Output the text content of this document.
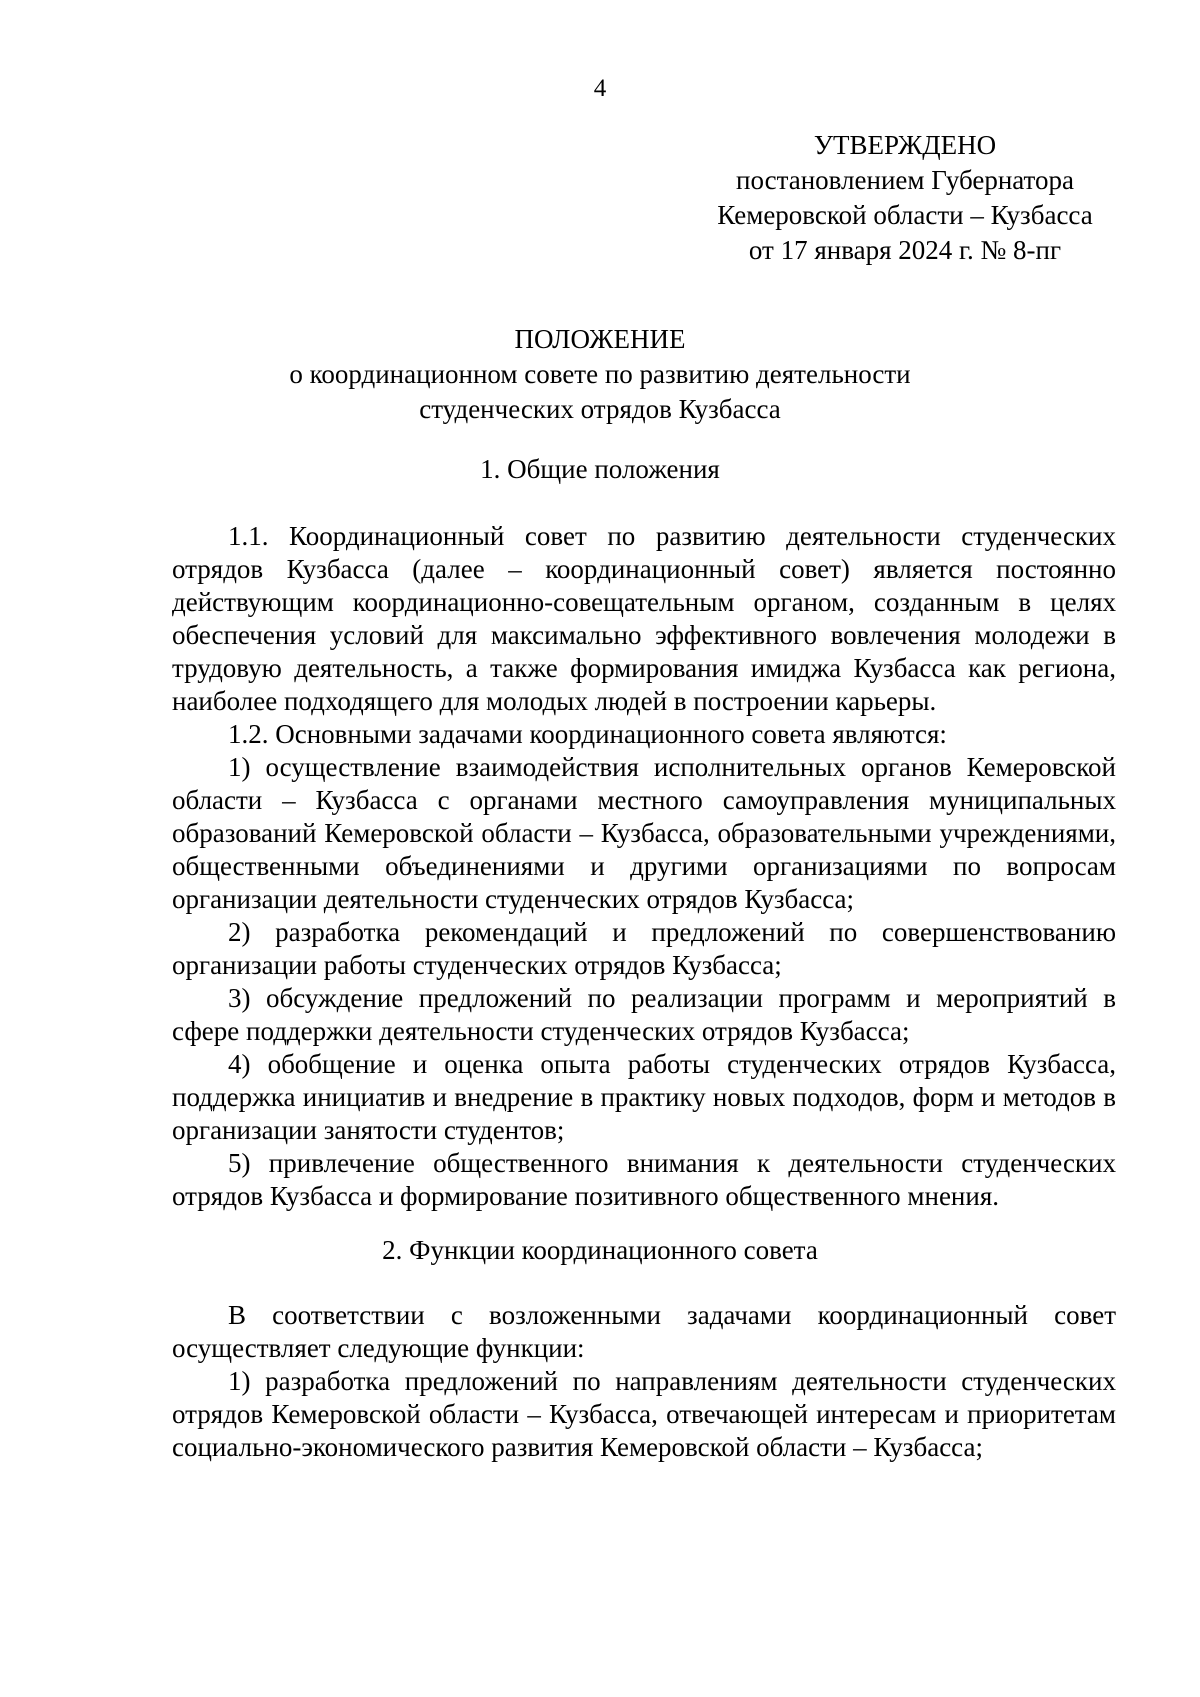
4
УТВЕРЖДЕНО
постановлением Губернатора
Кемеровской области – Кузбасса
от 17 января 2024 г. № 8-пг
ПОЛОЖЕНИЕ
о координационном совете по развитию деятельности
студенческих отрядов Кузбасса
1. Общие положения

1.1. Координационный совет по развитию деятельности студенческих отрядов Кузбасса (далее – координационный совет) является постоянно действующим координационно-совещательным органом, созданным в целях обеспечения условий для максимально эффективного вовлечения молодежи в трудовую деятельность, а также формирования имиджа Кузбасса как региона, наиболее подходящего для молодых людей в построении карьеры.

1.2. Основными задачами координационного совета являются:

1) осуществление взаимодействия исполнительных органов Кемеровской области – Кузбасса с органами местного самоуправления муниципальных образований Кемеровской области – Кузбасса, образовательными учреждениями, общественными объединениями и другими организациями по вопросам организации деятельности студенческих отрядов Кузбасса;

2) разработка рекомендаций и предложений по совершенствованию организации работы студенческих отрядов Кузбасса;

3) обсуждение предложений по реализации программ и мероприятий в сфере поддержки деятельности студенческих отрядов Кузбасса;

4) обобщение и оценка опыта работы студенческих отрядов Кузбасса, поддержка инициатив и внедрение в практику новых подходов, форм и методов в организации занятости студентов;

5) привлечение общественного внимания к деятельности студенческих отрядов Кузбасса и формирование позитивного общественного мнения.

2. Функции координационного совета

В соответствии с возложенными задачами координационный совет осуществляет следующие функции:

1) разработка предложений по направлениям деятельности студенческих отрядов Кемеровской области – Кузбасса, отвечающей интересам и приоритетам социально-экономического развития Кемеровской области – Кузбасса;
